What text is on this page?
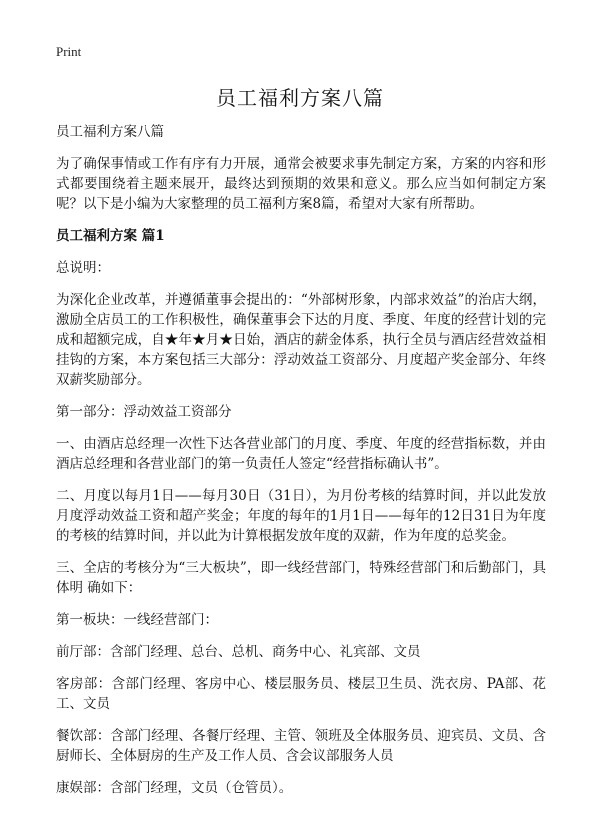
Print
员工福利方案八篇

员工福利方案八篇

为了确保事情或工作有序有力开展，通常会被要求事先制定方案，方案的内容和形式都要围绕着主题来展开，最终达到预期的效果和意义。那么应当如何制定方案呢？以下是小编为大家整理的员工福利方案8篇，希望对大家有所帮助。

员工福利方案 篇1

总说明：

为深化企业改革，并遵循董事会提出的：“外部树形象，内部求效益”的治店大纲，激励全店员工的工作积极性，确保董事会下达的月度、季度、年度的经营计划的完成和超额完成，自★年★月★日始，酒店的薪金体系，执行全员与酒店经营效益相挂钩的方案，本方案包括三大部分：浮动效益工资部分、月度超产奖金部分、年终双薪奖励部分。

第一部分：浮动效益工资部分

一、由酒店总经理一次性下达各营业部门的月度、季度、年度的经营指标数，并由酒店总经理和各营业部门的第一负责任人签定“经营指标确认书”。

二、月度以每月1日——每月30日（31日），为月份考核的结算时间，并以此发放月度浮动效益工资和超产奖金；年度的每年的1月1日——每年的12日31日为年度的考核的结算时间，并以此为计算根据发放年度的双薪，作为年度的总奖金。

三、全店的考核分为“三大板块”，即一线经营部门，特殊经营部门和后勤部门，具体明 确如下：

第一板块：一线经营部门：

前厅部：含部门经理、总台、总机、商务中心、礼宾部、文员

客房部：含部门经理、客房中心、楼层服务员、楼层卫生员、洗衣房、PA部、花工、文员

餐饮部：含部门经理、各餐厅经理、主管、领班及全体服务员、迎宾员、文员、含厨师长、全体厨房的生产及工作人员、含会议部服务人员

康娱部：含部门经理，文员（仓管员）。
